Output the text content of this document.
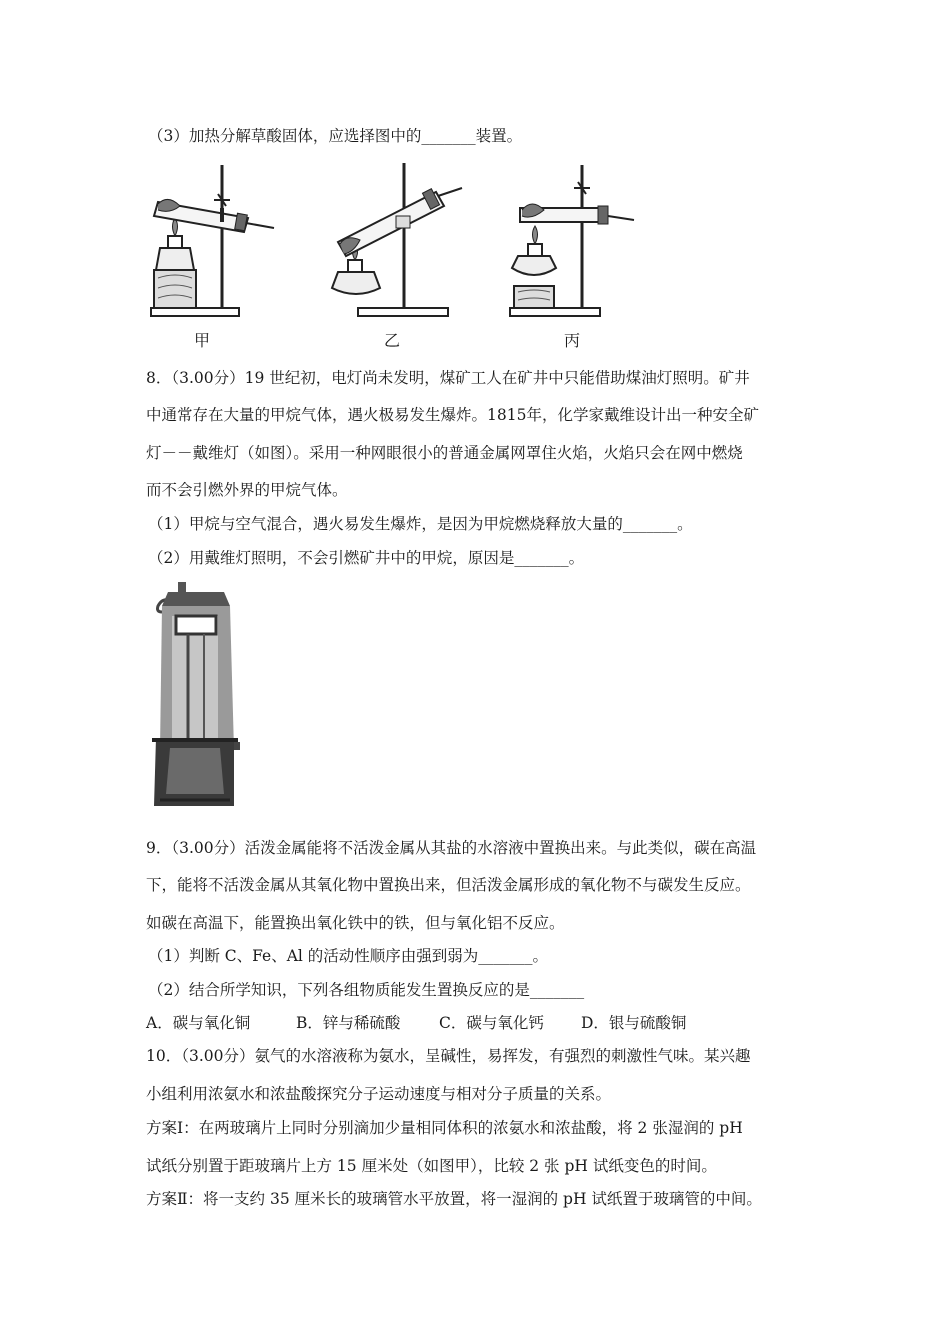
（3）加热分解草酸固体，应选择图中的_______装置。
甲	乙	丙
8．（3.00分）19 世纪初，电灯尚未发明，煤矿工人在矿井中只能借助煤油灯照明。矿井
中通常存在大量的甲烷气体，遇火极易发生爆炸。1815年，化学家戴维设计出一种安全矿
灯－－戴维灯（如图）。采用一种网眼很小的普通金属网罩住火焰，火焰只会在网中燃烧
而不会引燃外界的甲烷气体。
（1）甲烷与空气混合，遇火易发生爆炸，是因为甲烷燃烧释放大量的_______。
（2）用戴维灯照明，不会引燃矿井中的甲烷，原因是_______。
9．（3.00分）活泼金属能将不活泼金属从其盐的水溶液中置换出来。与此类似，碳在高温
下，能将不活泼金属从其氧化物中置换出来，但活泼金属形成的氧化物不与碳发生反应。
如碳在高温下，能置换出氧化铁中的铁，但与氧化铝不反应。
（1）判断 C、Fe、Al 的活动性顺序由强到弱为_______。
（2）结合所学知识，下列各组物质能发生置换反应的是_______
A．碳与氧化铜	B．锌与稀硫酸 C．碳与氧化钙 D．银与硫酸铜
10．（3.00分）氨气的水溶液称为氨水，呈碱性，易挥发，有强烈的刺激性气味。某兴趣
小组利用浓氨水和浓盐酸探究分子运动速度与相对分子质量的关系。
方案Ⅰ：在两玻璃片上同时分别滴加少量相同体积的浓氨水和浓盐酸，将 2 张湿润的 pH
试纸分别置于距玻璃片上方 15 厘米处（如图甲），比较 2 张 pH 试纸变色的时间。
方案Ⅱ：将一支约 35 厘米长的玻璃管水平放置，将一湿润的 pH 试纸置于玻璃管的中间。
